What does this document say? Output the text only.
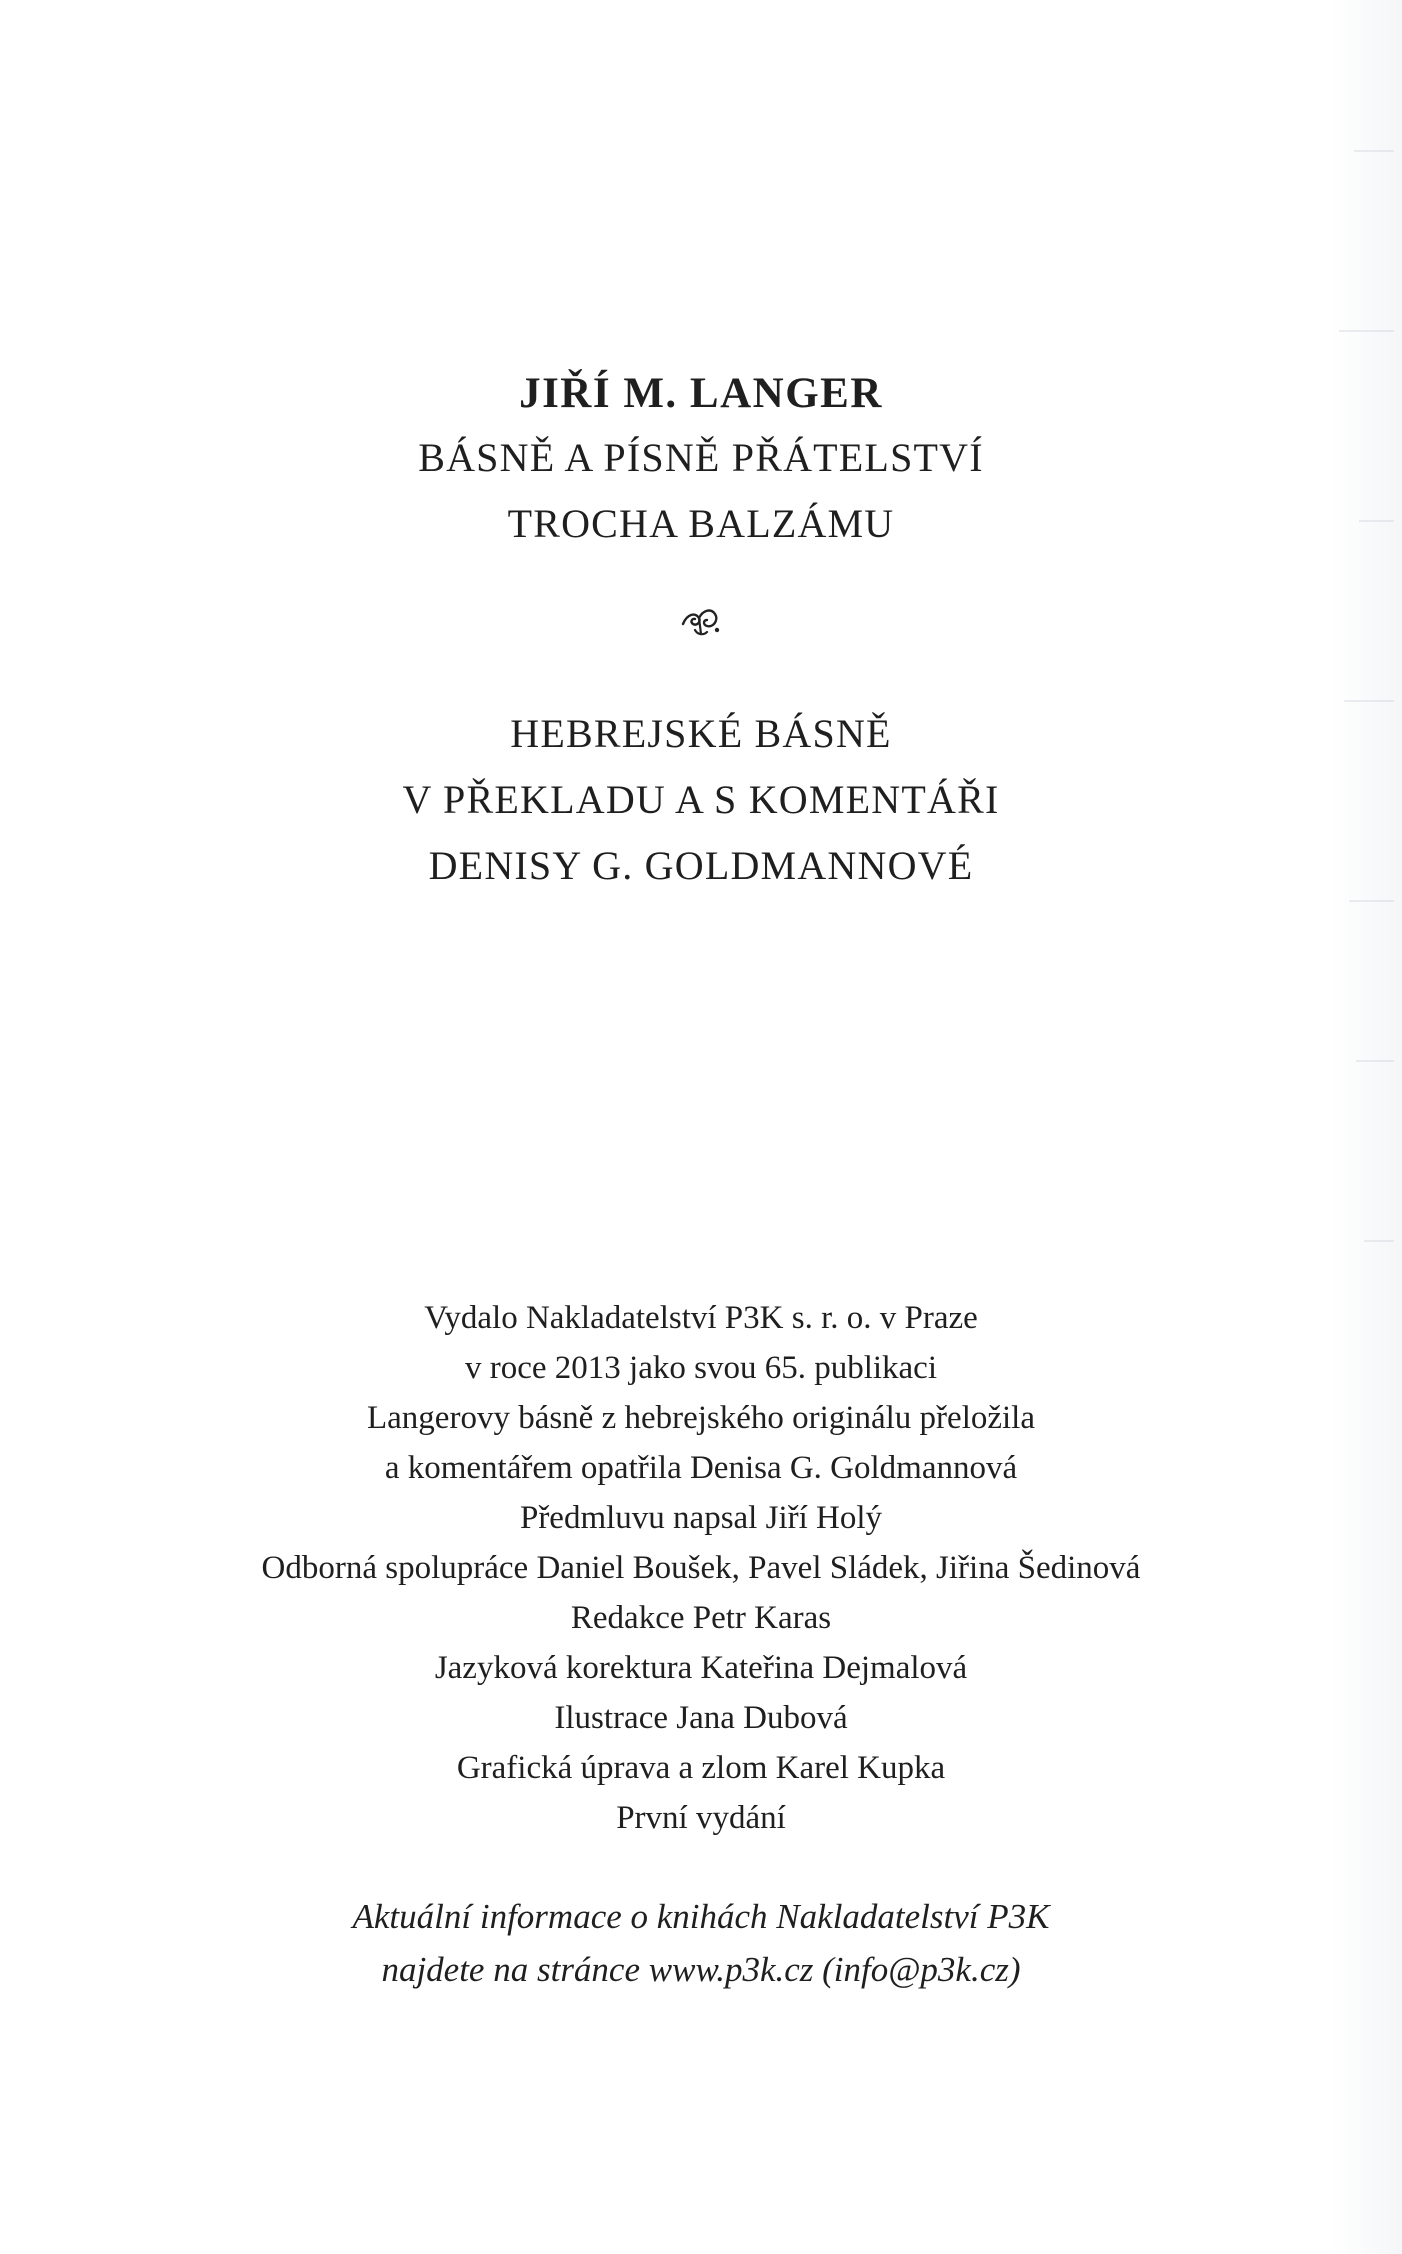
JIŘÍ M. LANGER
BÁSNĚ A PÍSNĚ PŘÁTELSTVÍ
TROCHA BALZÁMU
HEBREJSKÉ BÁSNĚ
V PŘEKLADU A S KOMENTÁŘI
DENISY G. GOLDMANNOVÉ
Vydalo Nakladatelství P3K s. r. o. v Praze
v roce 2013 jako svou 65. publikaci
Langerovy básně z hebrejského originálu přeložila
a komentářem opatřila Denisa G. Goldmannová
Předmluvu napsal Jiří Holý
Odborná spolupráce Daniel Boušek, Pavel Sládek, Jiřina Šedinová
Redakce Petr Karas
Jazyková korektura Kateřina Dejmalová
Ilustrace Jana Dubová
Grafická úprava a zlom Karel Kupka
První vydání
Aktuální informace o knihách Nakladatelství P3K
najdete na stránce www.p3k.cz (info@p3k.cz)
